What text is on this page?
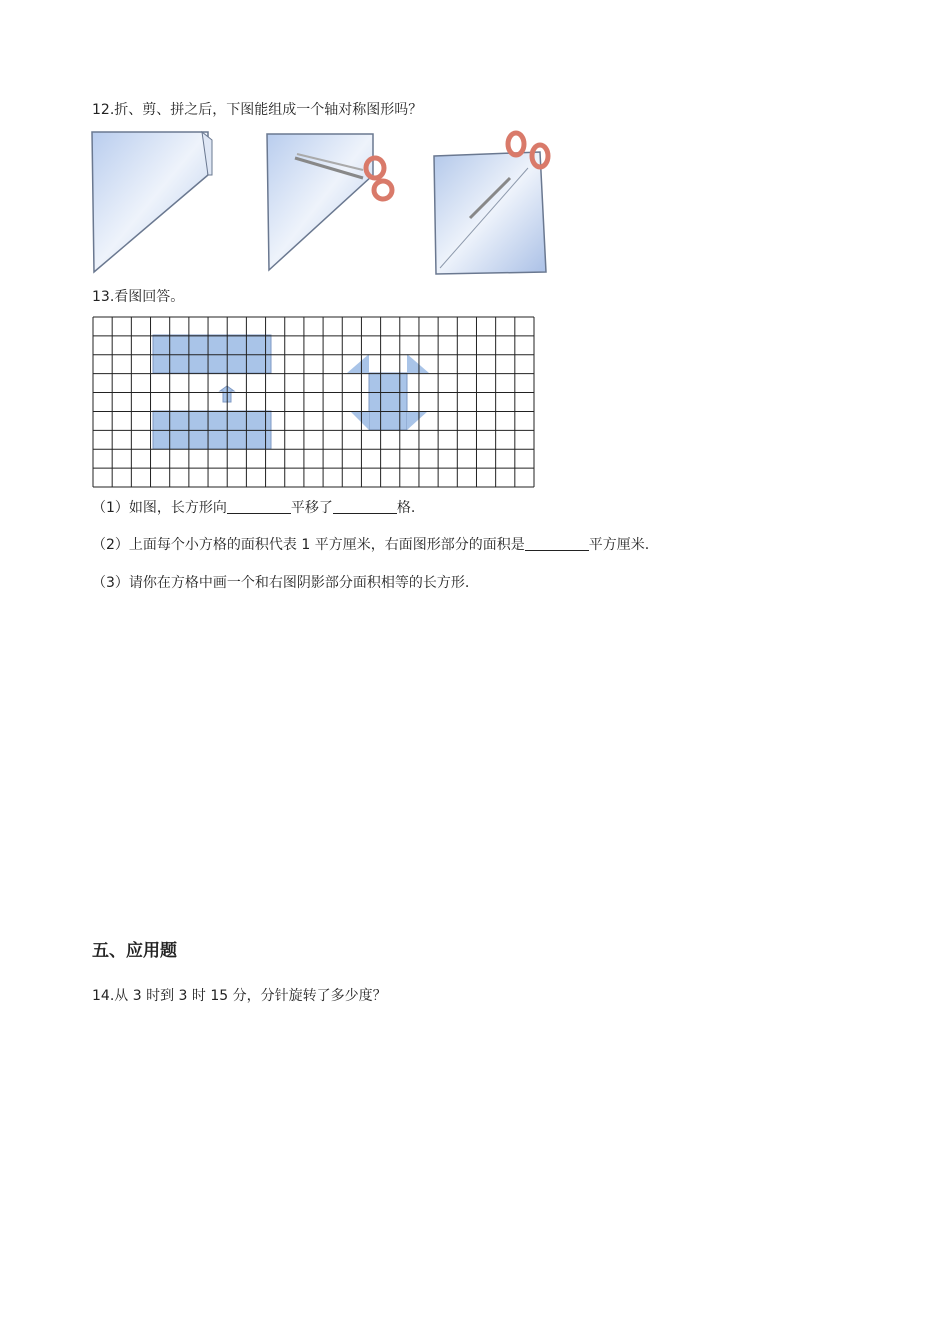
12.折、剪、拼之后，下图能组成一个轴对称图形吗？
13.看图回答。
（1）如图，长方形向	平移了	格.
（2）上面每个小方格的面积代表 1 平方厘米，右面图形部分的面积是	平方厘米.
（3）请你在方格中画一个和右图阴影部分面积相等的长方形.
五、应用题
14.从 3 时到 3 时 15 分，分针旋转了多少度？
